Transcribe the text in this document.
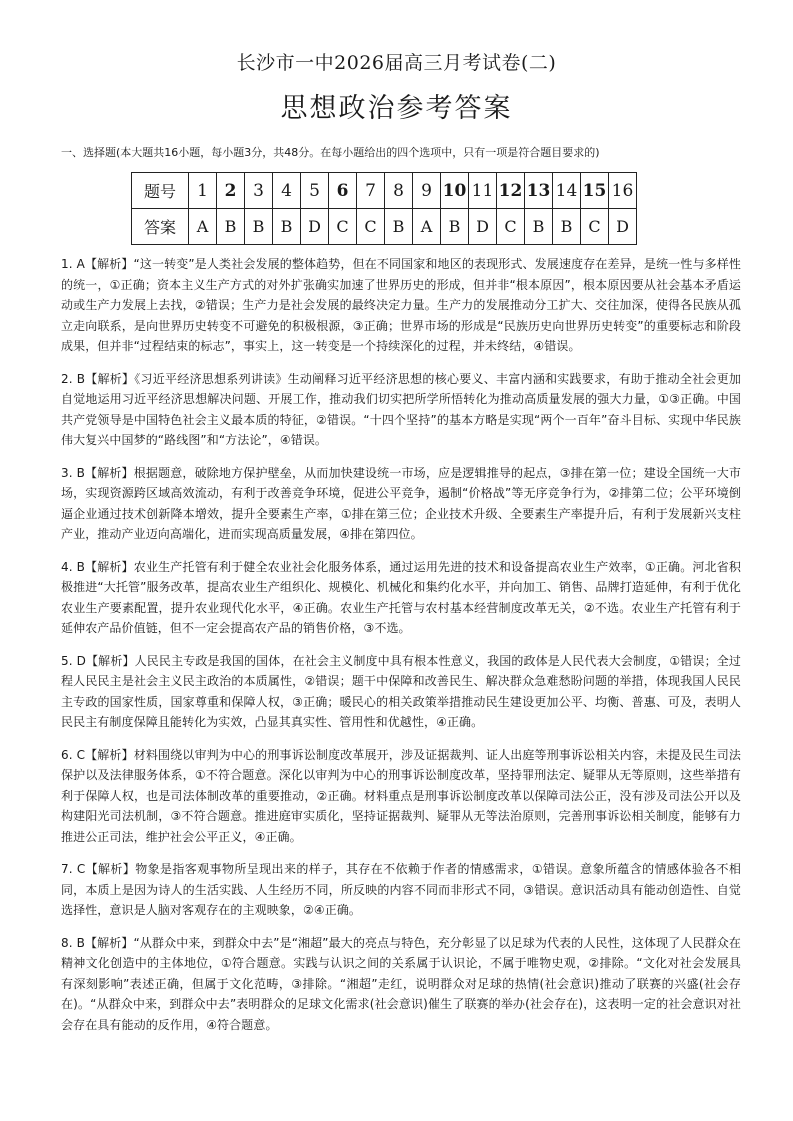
长沙市一中2026届高三月考试卷(二)
思想政治参考答案
一、选择题(本大题共16小题，每小题3分，共48分。在每小题给出的四个选项中，只有一项是符合题目要求的)
题号	1	2	3	4	5	6	7	8	9	10	11	12	13	14	15	16
答案	A	B	B	B	D	C	C	B	A	B	D	C	B	B	C	D
1. A【解析】“这一转变”是人类社会发展的整体趋势，但在不同国家和地区的表现形式、发展速度存在差异，是统一性与多样性的统一，①正确；资本主义生产方式的对外扩张确实加速了世界历史的形成，但并非“根本原因”，根本原因要从社会基本矛盾运动或生产力发展上去找，②错误；生产力是社会发展的最终决定力量。生产力的发展推动分工扩大、交往加深，使得各民族从孤立走向联系，是向世界历史转变不可避免的积极根源，③正确；世界市场的形成是“民族历史向世界历史转变”的重要标志和阶段成果，但并非“过程结束的标志”，事实上，这一转变是一个持续深化的过程，并未终结，④错误。
2. B【解析】《习近平经济思想系列讲读》生动阐释习近平经济思想的核心要义、丰富内涵和实践要求，有助于推动全社会更加自觉地运用习近平经济思想解决问题、开展工作，推动我们切实把所学所悟转化为推动高质量发展的强大力量，①③正确。中国共产党领导是中国特色社会主义最本质的特征，②错误。“十四个坚持”的基本方略是实现“两个一百年”奋斗目标、实现中华民族伟大复兴中国梦的“路线图”和“方法论”，④错误。
3. B【解析】根据题意，破除地方保护壁垒，从而加快建设统一市场，应是逻辑推导的起点，③排在第一位；建设全国统一大市场，实现资源跨区域高效流动，有利于改善竞争环境，促进公平竞争，遏制“价格战”等无序竞争行为，②排第二位；公平环境倒逼企业通过技术创新降本增效，提升全要素生产率，①排在第三位；企业技术升级、全要素生产率提升后，有利于发展新兴支柱产业，推动产业迈向高端化，进而实现高质量发展，④排在第四位。
4. B【解析】农业生产托管有利于健全农业社会化服务体系，通过运用先进的技术和设备提高农业生产效率，①正确。河北省积极推进“大托管”服务改革，提高农业生产组织化、规模化、机械化和集约化水平，并向加工、销售、品牌打造延伸，有利于优化农业生产要素配置，提升农业现代化水平，④正确。农业生产托管与农村基本经营制度改革无关，②不选。农业生产托管有利于延伸农产品价值链，但不一定会提高农产品的销售价格，③不选。
5. D【解析】人民民主专政是我国的国体，在社会主义制度中具有根本性意义，我国的政体是人民代表大会制度，①错误；全过程人民民主是社会主义民主政治的本质属性，②错误；题干中保障和改善民生、解决群众急难愁盼问题的举措，体现我国人民民主专政的国家性质，国家尊重和保障人权，③正确；暖民心的相关政策举措推动民生建设更加公平、均衡、普惠、可及，表明人民民主有制度保障且能转化为实效，凸显其真实性、管用性和优越性，④正确。
6. C【解析】材料围绕以审判为中心的刑事诉讼制度改革展开，涉及证据裁判、证人出庭等刑事诉讼相关内容，未提及民生司法保护以及法律服务体系，①不符合题意。深化以审判为中心的刑事诉讼制度改革，坚持罪刑法定、疑罪从无等原则，这些举措有利于保障人权，也是司法体制改革的重要推动，②正确。材料重点是刑事诉讼制度改革以保障司法公正，没有涉及司法公开以及构建阳光司法机制，③不符合题意。推进庭审实质化，坚持证据裁判、疑罪从无等法治原则，完善刑事诉讼相关制度，能够有力推进公正司法，维护社会公平正义，④正确。
7. C【解析】物象是指客观事物所呈现出来的样子，其存在不依赖于作者的情感需求，①错误。意象所蕴含的情感体验各不相同，本质上是因为诗人的生活实践、人生经历不同，所反映的内容不同而非形式不同，③错误。意识活动具有能动创造性、自觉选择性，意识是人脑对客观存在的主观映象，②④正确。
8. B【解析】“从群众中来，到群众中去”是“湘超”最大的亮点与特色，充分彰显了以足球为代表的人民性，这体现了人民群众在精神文化创造中的主体地位，①符合题意。实践与认识之间的关系属于认识论，不属于唯物史观，②排除。“文化对社会发展具有深刻影响”表述正确，但属于文化范畴，③排除。“湘超”走红，说明群众对足球的热情(社会意识)推动了联赛的兴盛(社会存在)。“从群众中来，到群众中去”表明群众的足球文化需求(社会意识)催生了联赛的举办(社会存在)，这表明一定的社会意识对社会存在具有能动的反作用，④符合题意。
